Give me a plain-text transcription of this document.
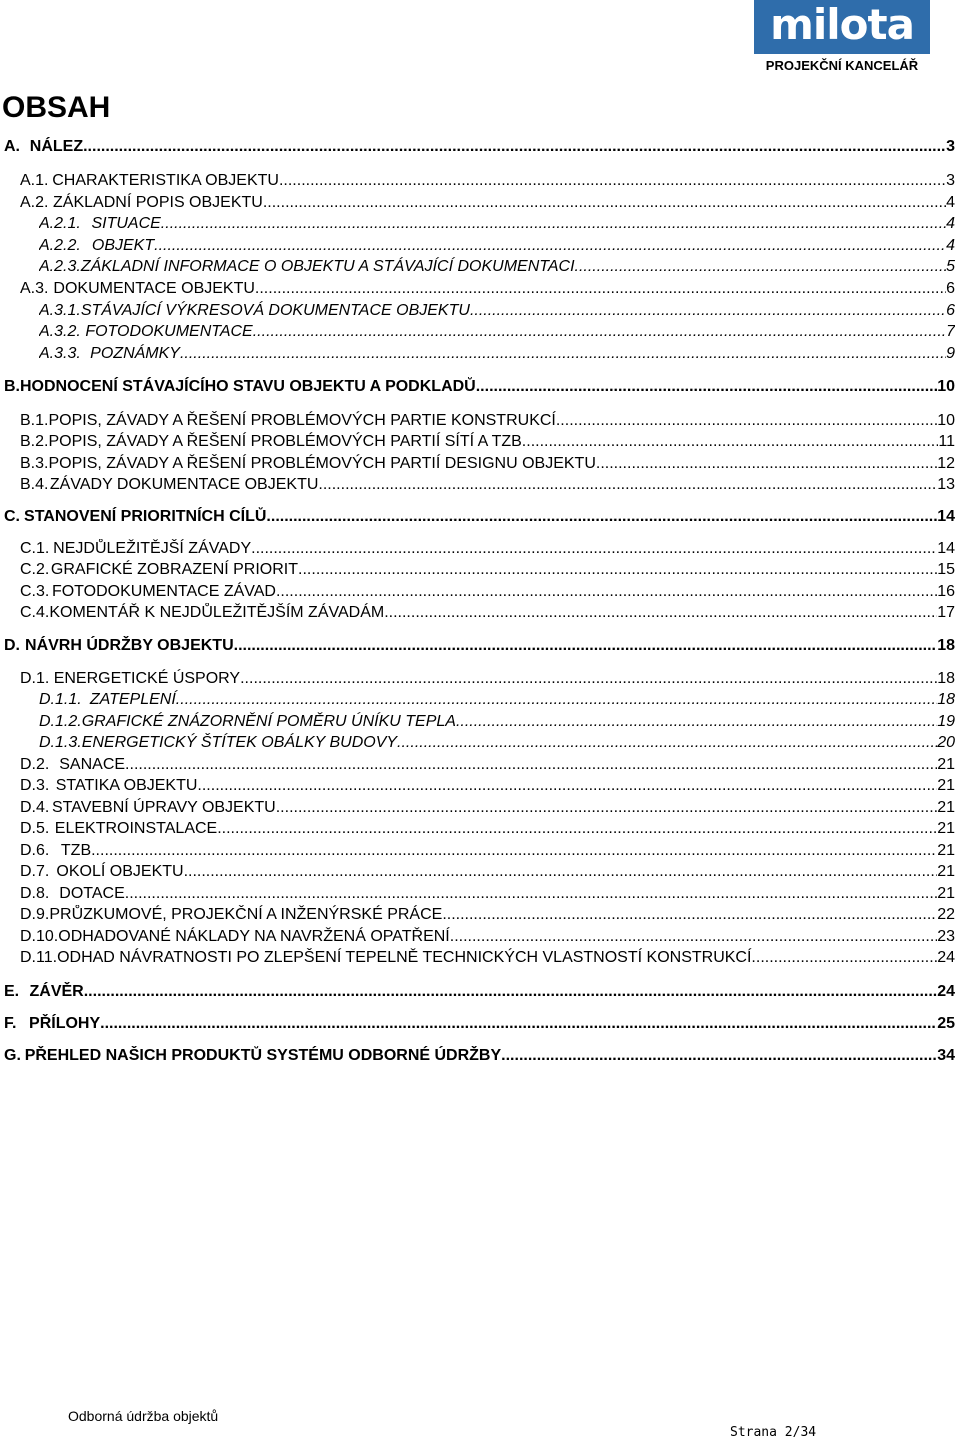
milota
PROJEKČNÍ KANCELÁŘ
OBSAH
A. NÁLEZ .....	3
A.1. CHARAKTERISTIKA OBJEKTU .....	3
A.2. ZÁKLADNÍ POPIS OBJEKTU .....	4
A.2.1. SITUACE .....	4
A.2.2. OBJEKT .....	4
A.2.3. ZÁKLADNÍ INFORMACE O OBJEKTU A STÁVAJÍCÍ DOKUMENTACI .....	5
A.3. DOKUMENTACE OBJEKTU .....	6
A.3.1. STÁVAJÍCÍ VÝKRESOVÁ DOKUMENTACE OBJEKTU .....	6
A.3.2. FOTODOKUMENTACE .....	7
A.3.3. POZNÁMKY .....	9
B. HODNOCENÍ STÁVAJÍCÍHO STAVU OBJEKTU A PODKLADŮ .....	10
B.1. POPIS, ZÁVADY A ŘEŠENÍ PROBLÉMOVÝCH PARTIE KONSTRUKCÍ .....	10
B.2. POPIS, ZÁVADY A ŘEŠENÍ PROBLÉMOVÝCH PARTIÍ SÍTÍ A TZB .....	11
B.3. POPIS, ZÁVADY A ŘEŠENÍ PROBLÉMOVÝCH PARTIÍ DESIGNU OBJEKTU .....	12
B.4. ZÁVADY DOKUMENTACE OBJEKTU .....	13
C. STANOVENÍ PRIORITNÍCH CÍLŮ .....	14
C.1. NEJDŮLEŽITĚJŠÍ ZÁVADY .....	14
C.2. GRAFICKÉ ZOBRAZENÍ PRIORIT .....	15
C.3. FOTODOKUMENTACE ZÁVAD .....	16
C.4. KOMENTÁŘ K NEJDŮLEŽITĚJŠÍM ZÁVADÁM .....	17
D. NÁVRH ÚDRŽBY OBJEKTU .....	18
D.1. ENERGETICKÉ ÚSPORY .....	18
D.1.1. ZATEPLENÍ .....	18
D.1.2. GRAFICKÉ ZNÁZORNĚNÍ POMĚRU ÚNÍKU TEPLA .....	19
D.1.3. ENERGETICKÝ ŠTÍTEK OBÁLKY BUDOVY .....	20
D.2. SANACE .....	21
D.3. STATIKA OBJEKTU .....	21
D.4. STAVEBNÍ ÚPRAVY OBJEKTU .....	21
D.5. ELEKTROINSTALACE .....	21
D.6. TZB .....	21
D.7. OKOLÍ OBJEKTU .....	21
D.8. DOTACE .....	21
D.9. PRŮZKUMOVÉ, PROJEKČNÍ A INŽENÝRSKÉ PRÁCE .....	22
D.10. ODHADOVANÉ NÁKLADY NA NAVRŽENÁ OPATŘENÍ .....	23
D.11. ODHAD NÁVRATNOSTI PO ZLEPŠENÍ TEPELNĚ TECHNICKÝCH VLASTNOSTÍ KONSTRUKCÍ .....	24
E. ZÁVĚR .....	24
F. PŘÍLOHY .....	25
G. PŘEHLED NAŠICH PRODUKTŮ SYSTÉMU ODBORNÉ ÚDRŽBY .....	34
Odborná údržba objektů
Strana 2/34
